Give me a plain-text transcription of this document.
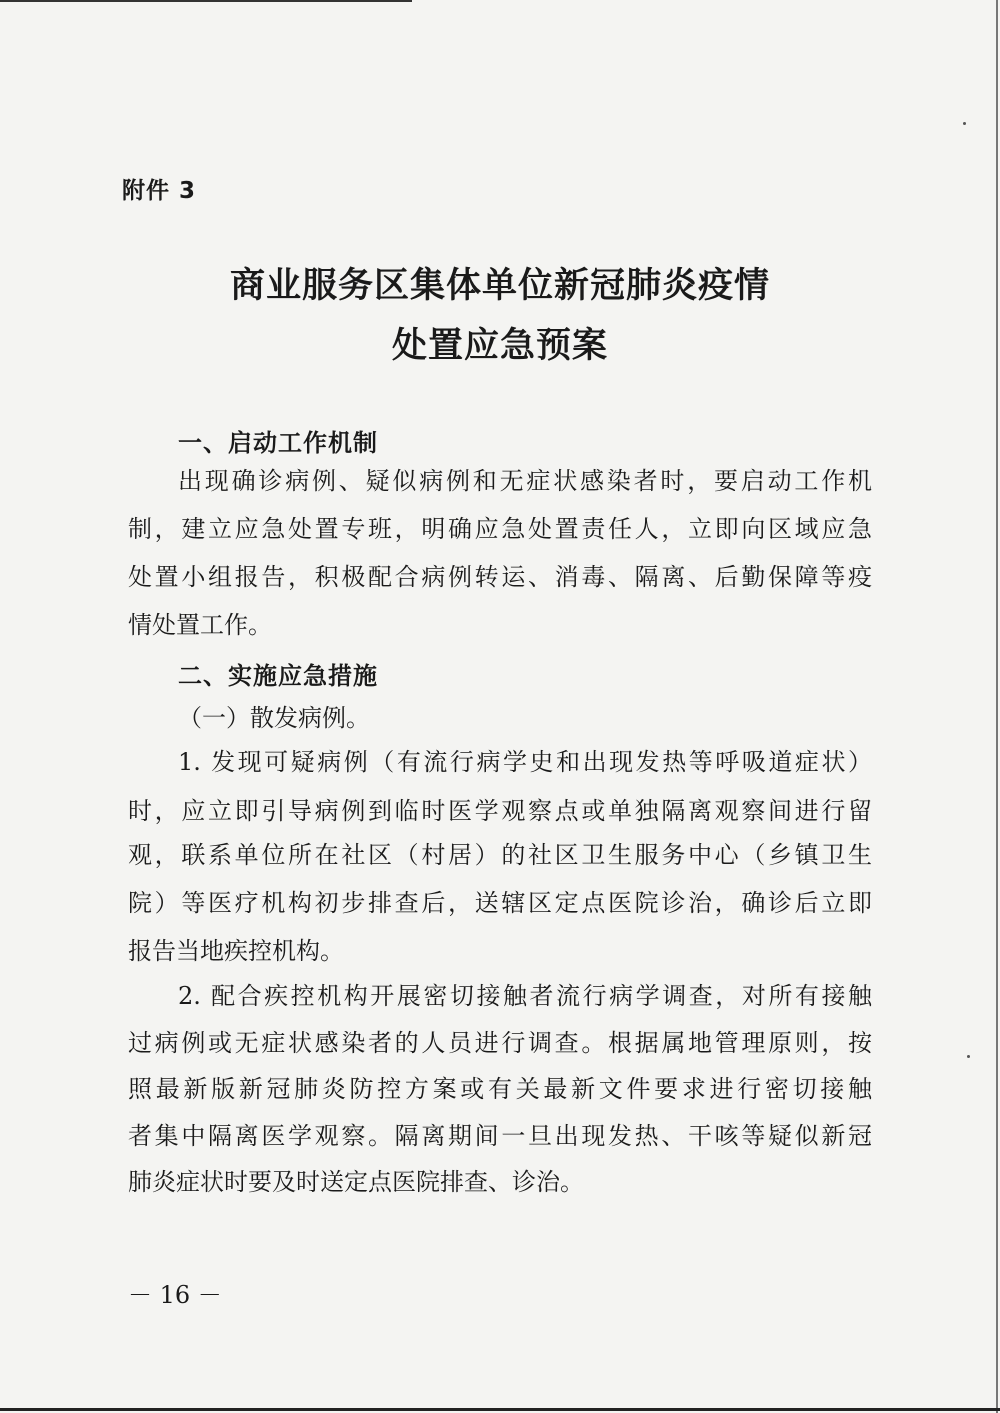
附件 3
商业服务区集体单位新冠肺炎疫情
处置应急预案
一、启动工作机制
出现确诊病例、疑似病例和无症状感染者时，要启动工作机
制，建立应急处置专班，明确应急处置责任人，立即向区域应急
处置小组报告，积极配合病例转运、消毒、隔离、后勤保障等疫
情处置工作。
二、实施应急措施
（一）散发病例。
1. 发现可疑病例（有流行病学史和出现发热等呼吸道症状）
时，应立即引导病例到临时医学观察点或单独隔离观察间进行留
观，联系单位所在社区（村居）的社区卫生服务中心（乡镇卫生
院）等医疗机构初步排查后，送辖区定点医院诊治，确诊后立即
报告当地疾控机构。
2. 配合疾控机构开展密切接触者流行病学调查，对所有接触
过病例或无症状感染者的人员进行调查。根据属地管理原则，按
照最新版新冠肺炎防控方案或有关最新文件要求进行密切接触
者集中隔离医学观察。隔离期间一旦出现发热、干咳等疑似新冠
肺炎症状时要及时送定点医院排查、诊治。
－ 16 －
